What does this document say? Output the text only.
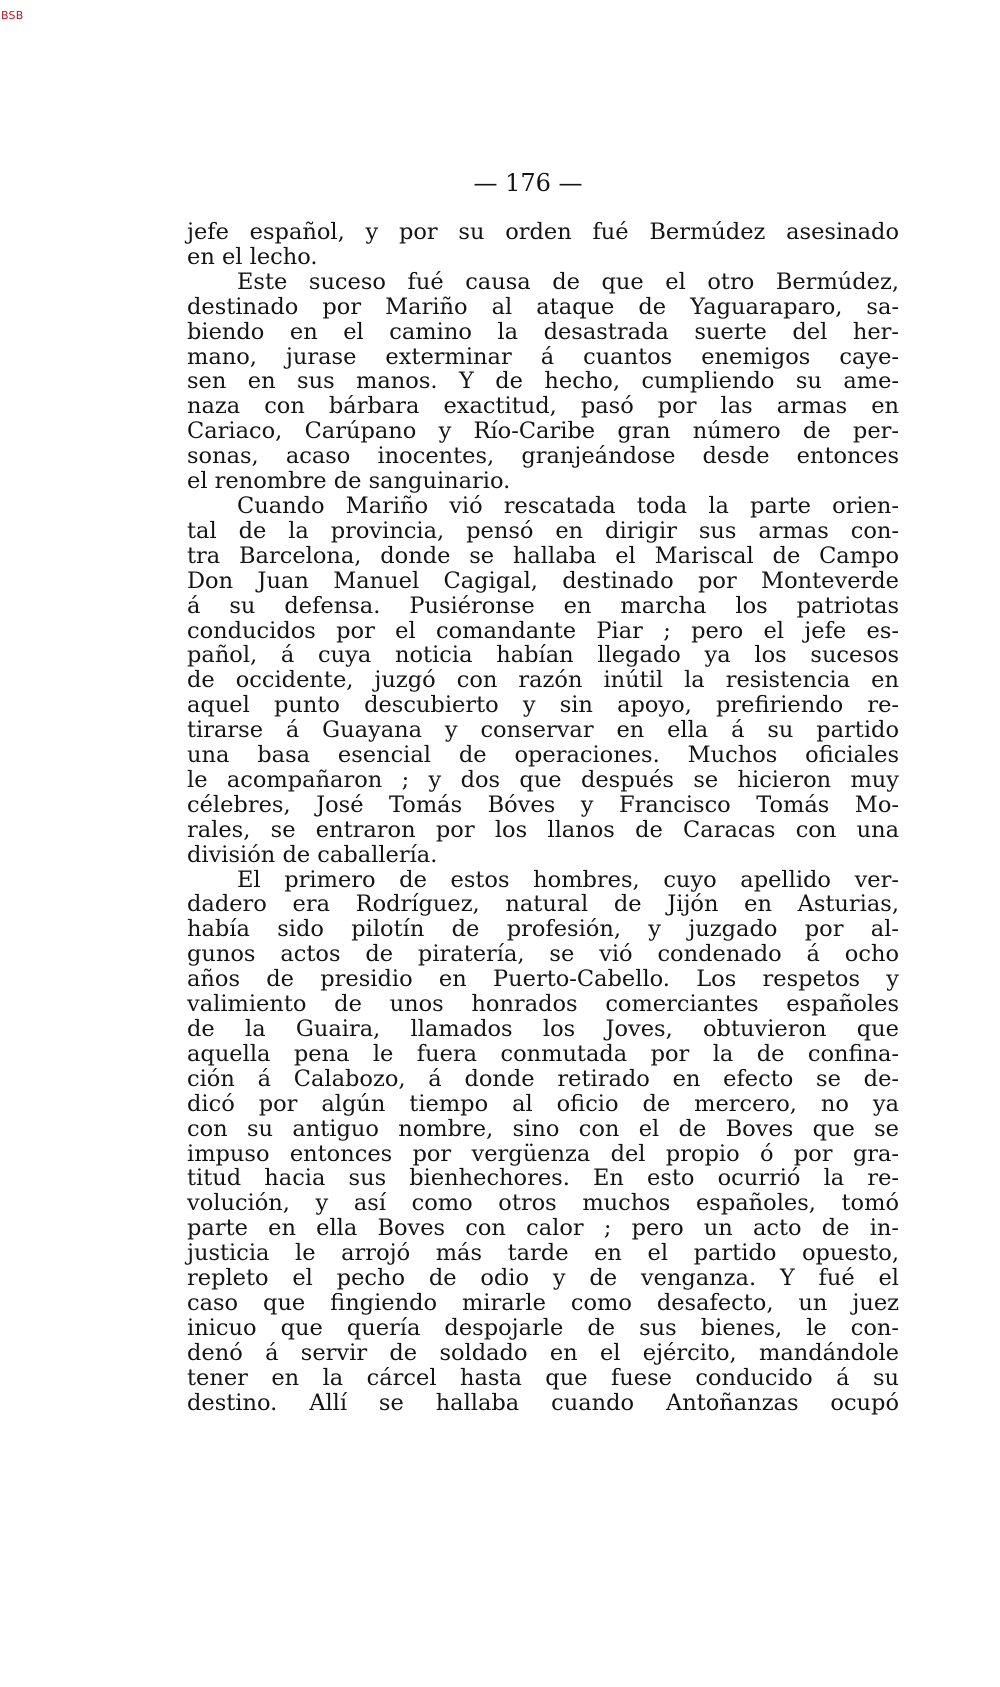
BSB
— 176 —
jefe español, y por su orden fué Bermúdez asesinado
en el lecho.
Este suceso fué causa de que el otro Bermúdez,
destinado por Mariño al ataque de Yaguaraparo, sa-
biendo en el camino la desastrada suerte del her-
mano, jurase exterminar á cuantos enemigos caye-
sen en sus manos. Y de hecho, cumpliendo su ame-
naza con bárbara exactitud, pasó por las armas en
Cariaco, Carúpano y Río-Caribe gran número de per-
sonas, acaso inocentes, granjeándose desde entonces
el renombre de sanguinario.
Cuando Mariño vió rescatada toda la parte orien-
tal de la provincia, pensó en dirigir sus armas con-
tra Barcelona, donde se hallaba el Mariscal de Campo
Don Juan Manuel Cagigal, destinado por Monteverde
á su defensa. Pusiéronse en marcha los patriotas
conducidos por el comandante Piar ; pero el jefe es-
pañol, á cuya noticia habían llegado ya los sucesos
de occidente, juzgó con razón inútil la resistencia en
aquel punto descubierto y sin apoyo, prefiriendo re-
tirarse á Guayana y conservar en ella á su partido
una basa esencial de operaciones. Muchos oficiales
le acompañaron ; y dos que después se hicieron muy
célebres, José Tomás Bóves y Francisco Tomás Mo-
rales, se entraron por los llanos de Caracas con una
división de caballería.
El primero de estos hombres, cuyo apellido ver-
dadero era Rodríguez, natural de Jijón en Asturias,
había sido pilotín de profesión, y juzgado por al-
gunos actos de piratería, se vió condenado á ocho
años de presidio en Puerto-Cabello. Los respetos y
valimiento de unos honrados comerciantes españoles
de la Guaira, llamados los Joves, obtuvieron que
aquella pena le fuera conmutada por la de confina-
ción á Calabozo, á donde retirado en efecto se de-
dicó por algún tiempo al oficio de mercero, no ya
con su antiguo nombre, sino con el de Boves que se
impuso entonces por vergüenza del propio ó por gra-
titud hacia sus bienhechores. En esto ocurrió la re-
volución, y así como otros muchos españoles, tomó
parte en ella Boves con calor ; pero un acto de in-
justicia le arrojó más tarde en el partido opuesto,
repleto el pecho de odio y de venganza. Y fué el
caso que fingiendo mirarle como desafecto, un juez
inicuo que quería despojarle de sus bienes, le con-
denó á servir de soldado en el ejército, mandándole
tener en la cárcel hasta que fuese conducido á su
destino. Allí se hallaba cuando Antoñanzas ocupó
